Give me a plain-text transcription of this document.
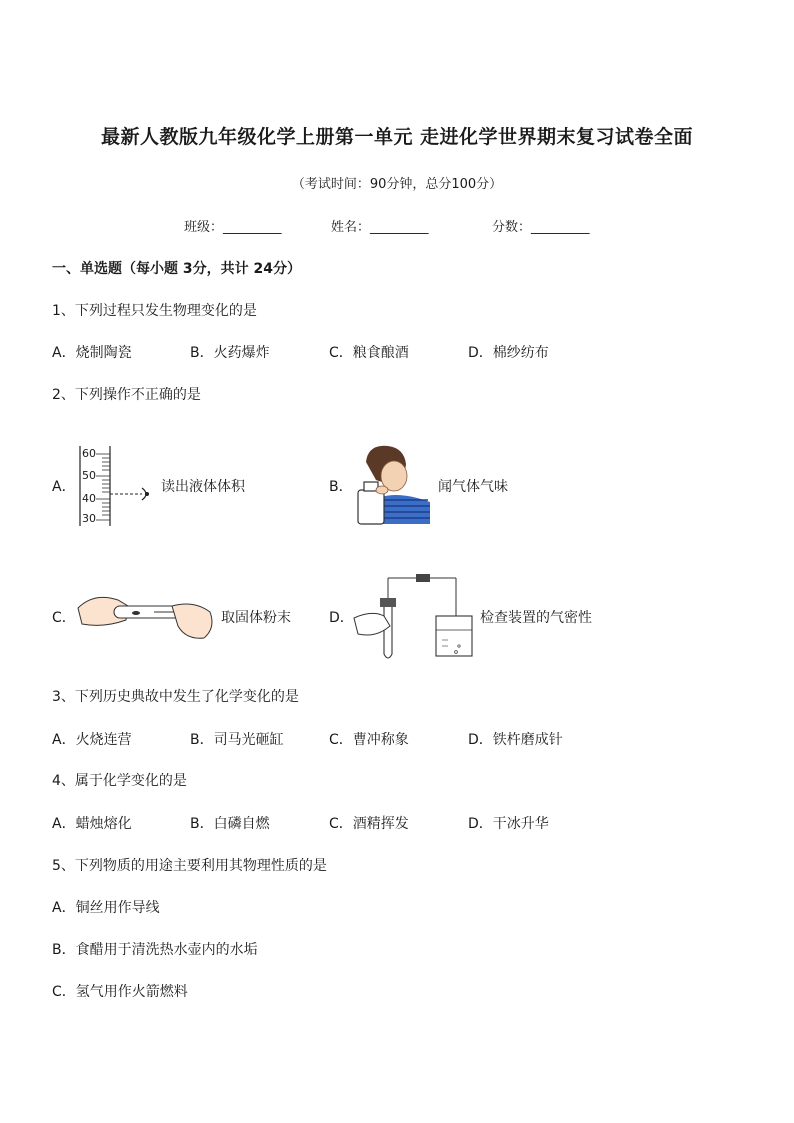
最新人教版九年级化学上册第一单元 走进化学世界期末复习试卷全面
（考试时间：90分钟，总分100分）
班级：_________	姓名：_________	分数：_________
一、单选题（每小题 3分，共计 24分）
1、下列过程只发生物理变化的是
A．烧制陶瓷	B．火药爆炸	C．粮食酿酒	D．棉纱纺布
2、下列操作不正确的是
A．
60
50
40
30
读出液体体积	B．	闻气体气味
C．	取固体粉末	D．	检查装置的气密性
3、下列历史典故中发生了化学变化的是
A．火烧连营	B．司马光砸缸	C．曹冲称象	D．铁杵磨成针
4、属于化学变化的是
A．蜡烛熔化	B．白磷自燃	C．酒精挥发	D．干冰升华
5、下列物质的用途主要利用其物理性质的是
A．铜丝用作导线
B．食醋用于清洗热水壶内的水垢
C．氢气用作火箭燃料
